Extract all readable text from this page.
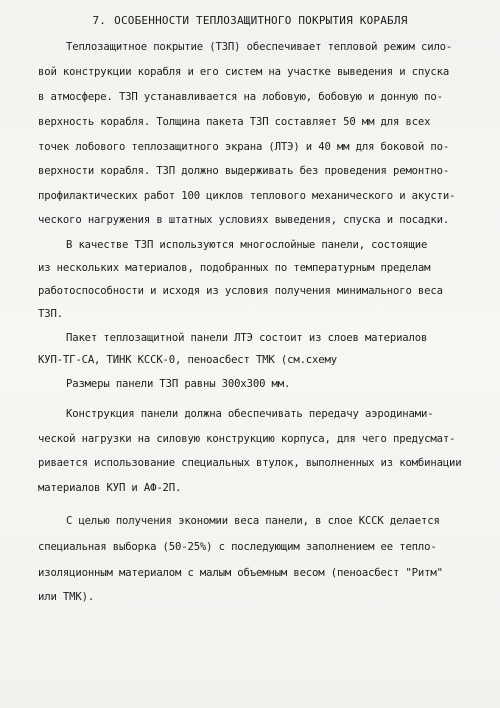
7. ОСОБЕННОСТИ ТЕПЛОЗАЩИТНОГО ПОКРЫТИЯ КОРАБЛЯ
Теплозащитное покрытие (ТЗП) обеспечивает тепловой режим сило-
вой конструкции корабля и его систем на участке выведения и спуска
в атмосфере. ТЗП устанавливается на лобовую, бобовую и донную по-
верхность корабля. Толщина пакета ТЗП составляет 50 мм для всех
точек лобового теплозащитного экрана (ЛТЭ) и 40 мм для боковой по-
верхности корабля. ТЗП должно выдерживать без проведения ремонтно-
профилактических работ 100 циклов теплового механического и акусти-
ческого нагружения в штатных условиях выведения, спуска и посадки.
В качестве ТЗП используются многослойные панели, состоящие
из нескольких материалов, подобранных по температурным пределам
работоспособности и исходя из условия получения минимального веса
ТЗП.
Пакет теплозащитной панели ЛТЭ состоит из слоев материалов
КУП-ТГ-СА, ТИНК КССК-0, пеноасбест ТМК (см.схему
Размеры панели ТЗП равны 300х300 мм.
Конструкция панели должна обеспечивать передачу аэродинами-
ческой нагрузки на силовую конструкцию корпуса, для чего предусмат-
ривается использование специальных втулок, выполненных из комбинации
материалов КУП и АФ-2П.
С целью получения экономии веса панели, в слое КССК делается
специальная выборка (50-25%) с последующим заполнением ее тепло-
изоляционным материалом с малым объемным весом (пеноасбест "Ритм"
или ТМК).
